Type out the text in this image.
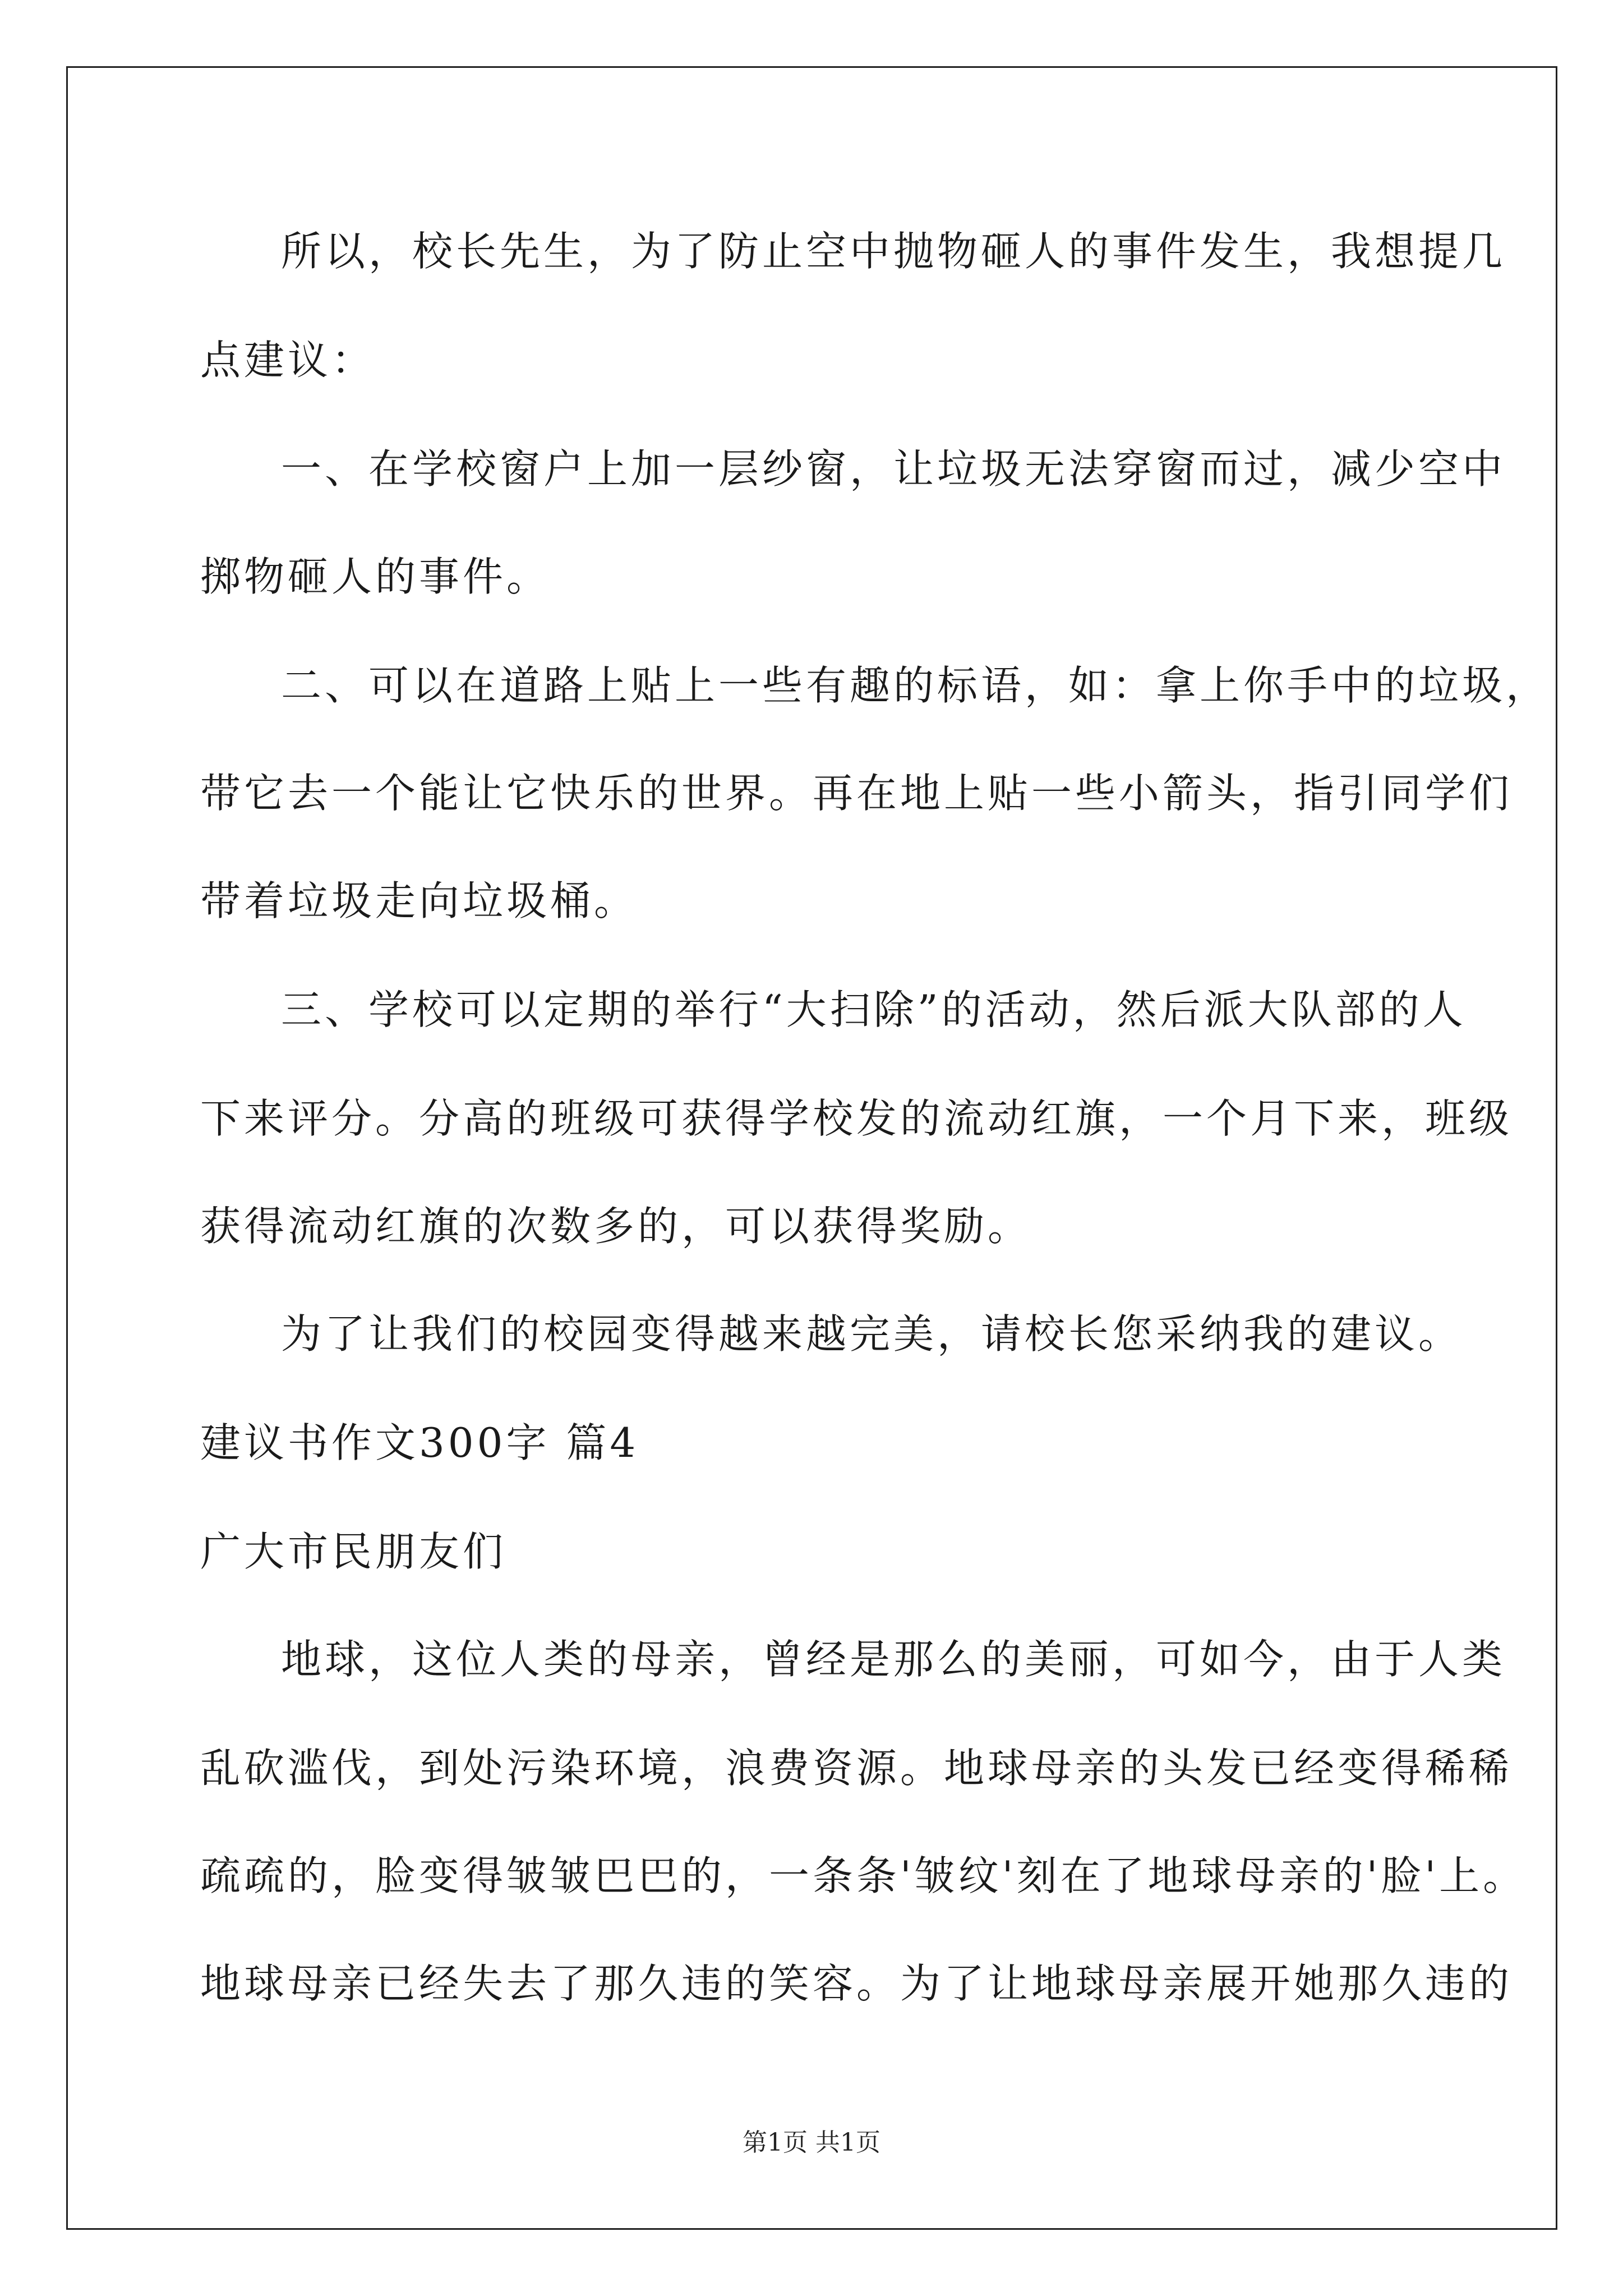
所以，校长先生，为了防止空中抛物砸人的事件发生，我想提几
点建议：
一、在学校窗户上加一层纱窗，让垃圾无法穿窗而过，减少空中
掷物砸人的事件。
二、可以在道路上贴上一些有趣的标语，如：拿上你手中的垃圾，
带它去一个能让它快乐的世界。再在地上贴一些小箭头，指引同学们
带着垃圾走向垃圾桶。
三、学校可以定期的举行“大扫除”的活动，然后派大队部的人
下来评分。分高的班级可获得学校发的流动红旗，一个月下来，班级
获得流动红旗的次数多的，可以获得奖励。
为了让我们的校园变得越来越完美，请校长您采纳我的建议。
建议书作文300字 篇4
广大市民朋友们
地球，这位人类的母亲，曾经是那么的美丽，可如今，由于人类
乱砍滥伐，到处污染环境，浪费资源。地球母亲的头发已经变得稀稀
疏疏的，脸变得皱皱巴巴的，一条条'皱纹'刻在了地球母亲的'脸'上。
地球母亲已经失去了那久违的笑容。为了让地球母亲展开她那久违的
第1页 共1页
